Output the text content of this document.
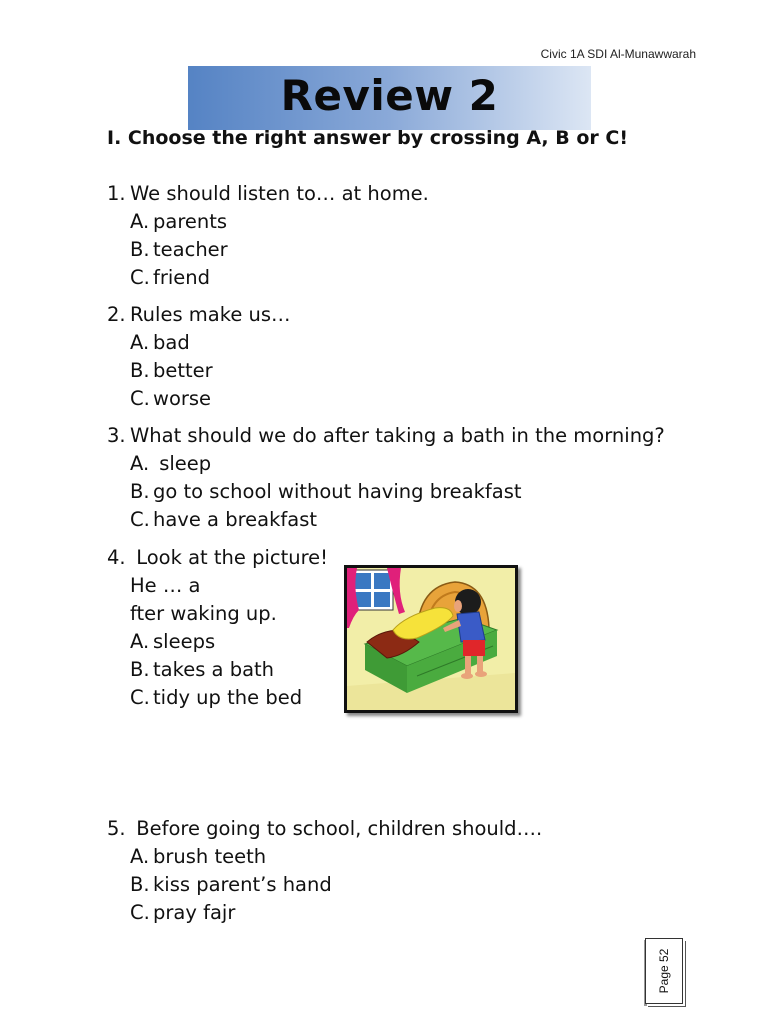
Civic 1A SDI Al-Munawwarah
Review 2
I. Choose the right answer by crossing A, B or C!
1. We should listen to… at home.
A. parents
B. teacher
C. friend
2. Rules make us…
A. bad
B. better
C. worse
3. What should we do after taking a bath in the morning?
A. sleep
B. go to school without having breakfast
C. have a breakfast
4. Look at the picture!
He … a
fter waking up.
A. sleeps
B. takes a bath
C. tidy up the bed
5. Before going to school, children should….
A. brush teeth
B. kiss parent’s hand
C. pray fajr
Page 52
